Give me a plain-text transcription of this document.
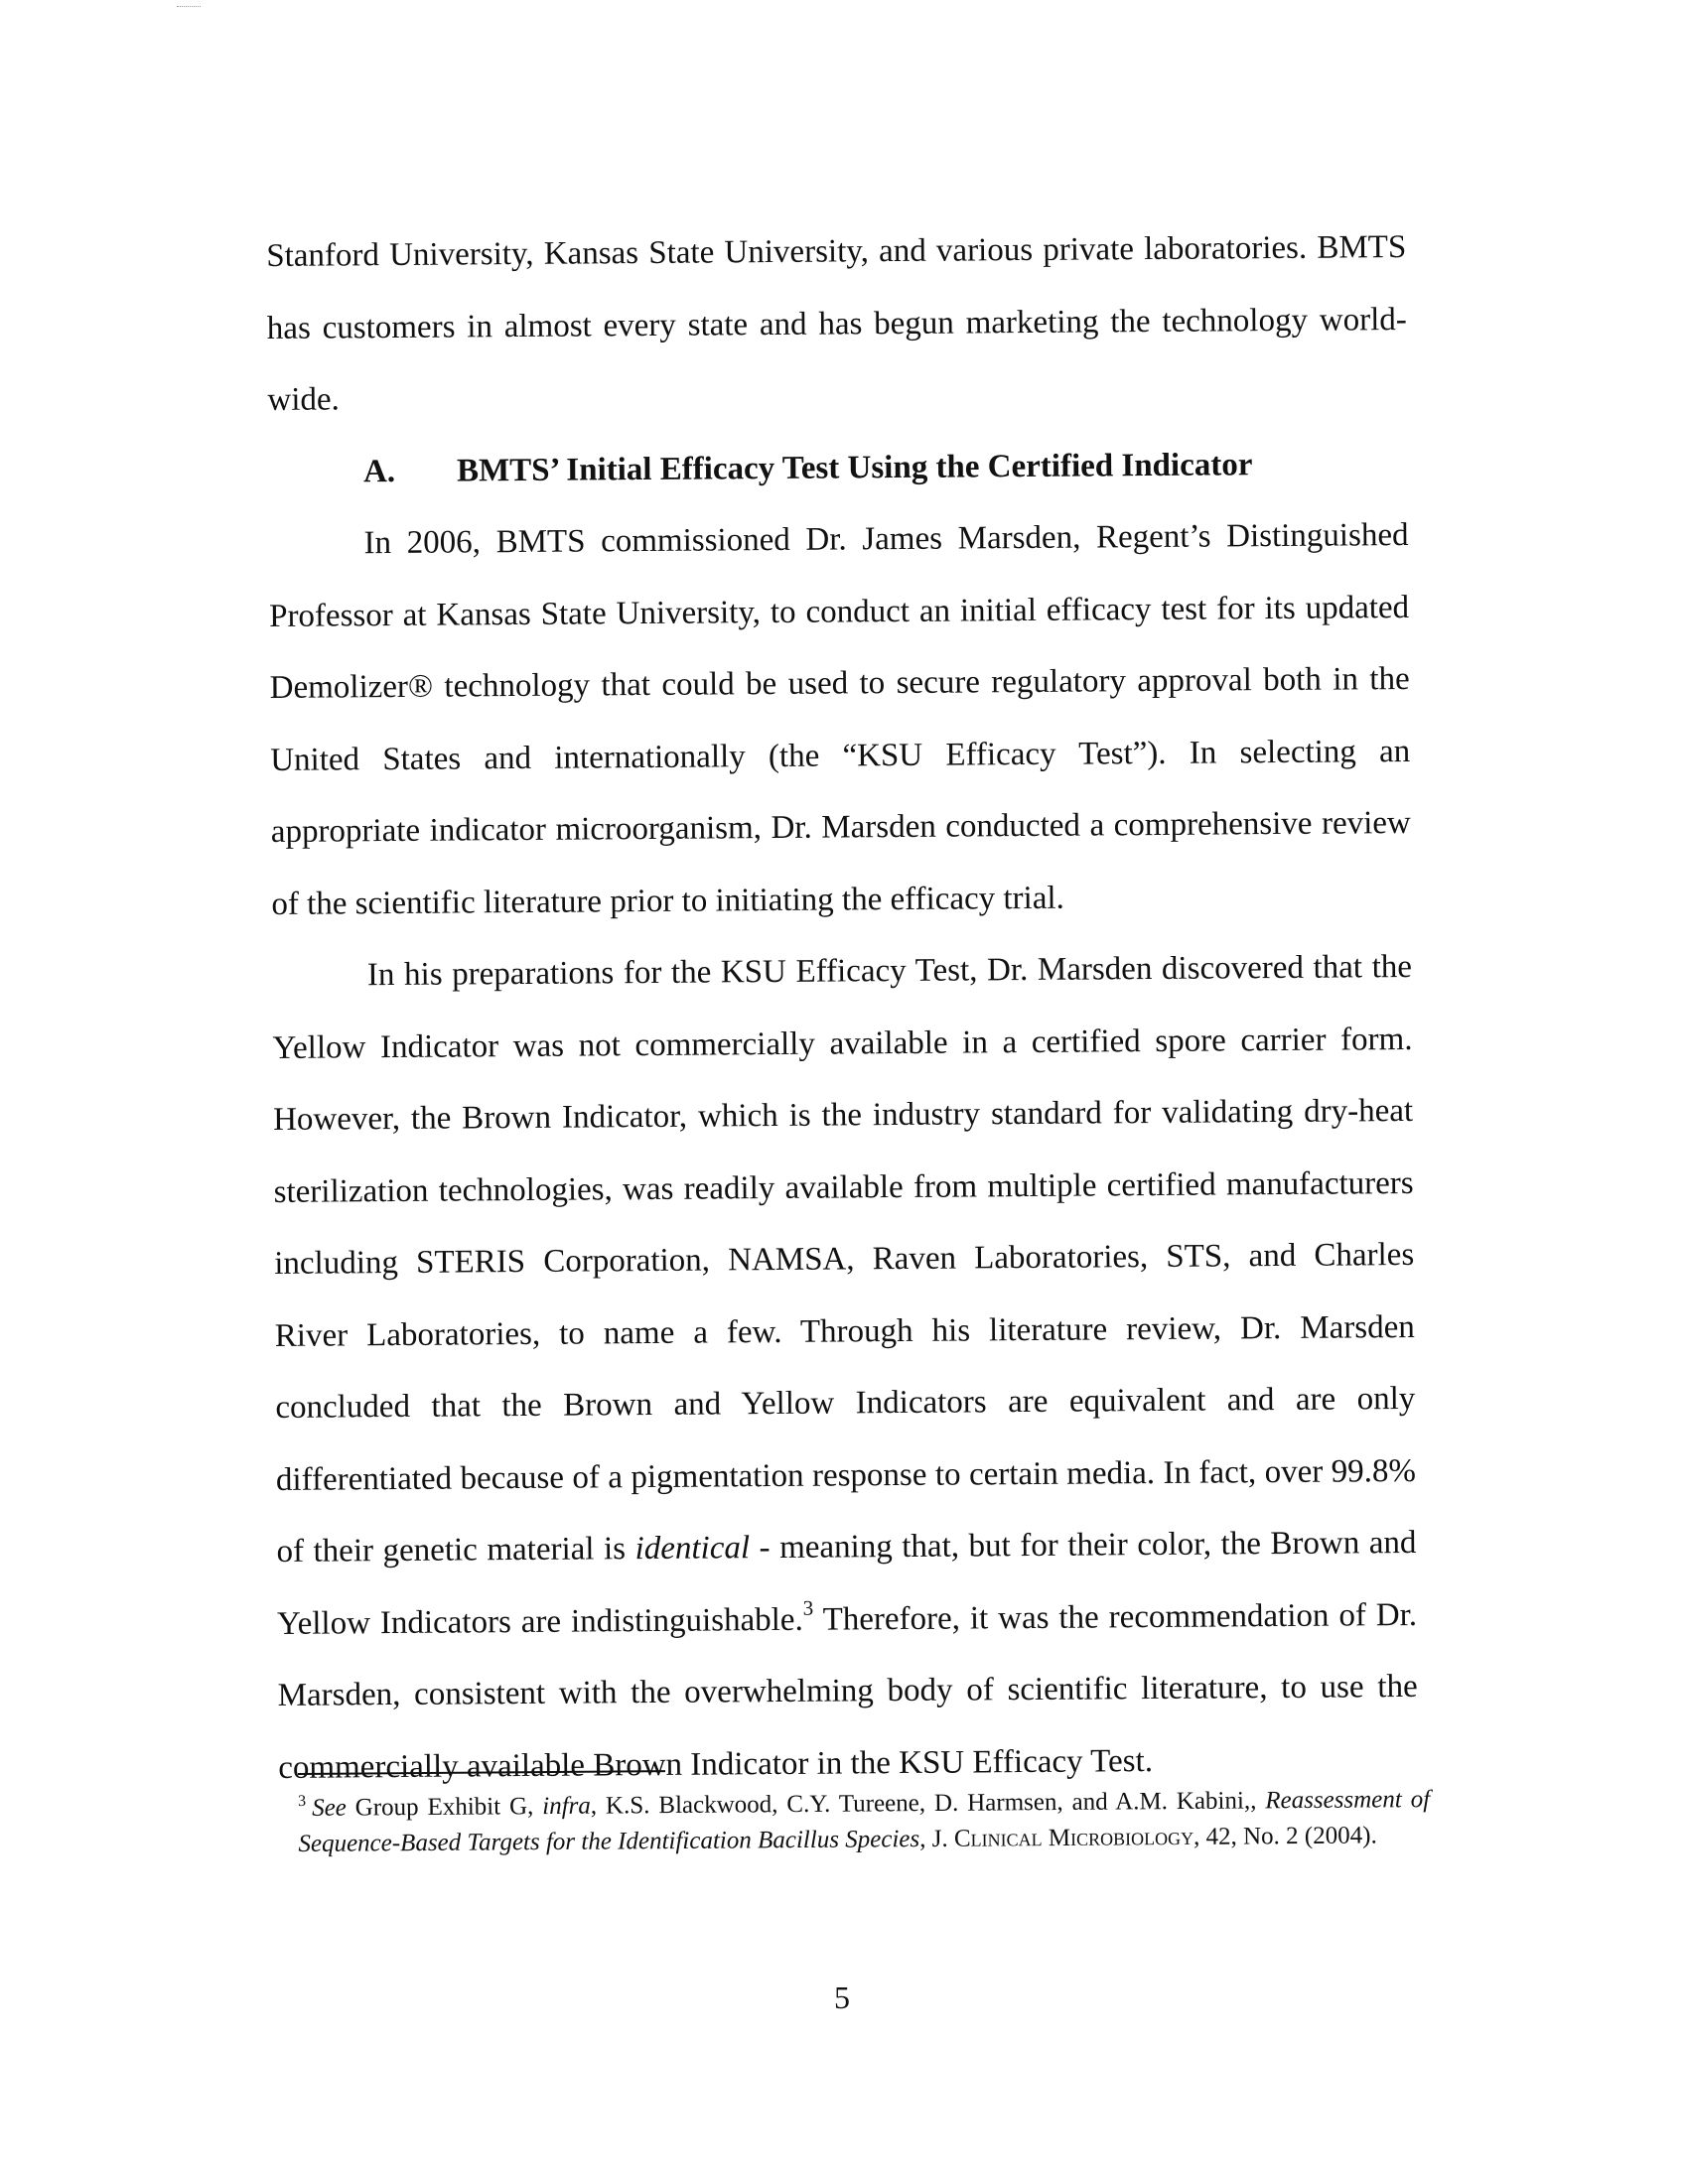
Stanford University, Kansas State University, and various private laboratories. BMTS has customers in almost every state and has begun marketing the technology world-wide.

A. BMTS’ Initial Efficacy Test Using the Certified Indicator

In 2006, BMTS commissioned Dr. James Marsden, Regent’s Distinguished Professor at Kansas State University, to conduct an initial efficacy test for its updated Demolizer® technology that could be used to secure regulatory approval both in the United States and internationally (the “KSU Efficacy Test”). In selecting an appropriate indicator microorganism, Dr. Marsden conducted a comprehensive review of the scientific literature prior to initiating the efficacy trial.

In his preparations for the KSU Efficacy Test, Dr. Marsden discovered that the Yellow Indicator was not commercially available in a certified spore carrier form. However, the Brown Indicator, which is the industry standard for validating dry-heat sterilization technologies, was readily available from multiple certified manufacturers including STERIS Corporation, NAMSA, Raven Laboratories, STS, and Charles River Laboratories, to name a few. Through his literature review, Dr. Marsden concluded that the Brown and Yellow Indicators are equivalent and are only differentiated because of a pigmentation response to certain media. In fact, over 99.8% of their genetic material is identical - meaning that, but for their color, the Brown and Yellow Indicators are indistinguishable.$^3$ Therefore, it was the recommendation of Dr. Marsden, consistent with the overwhelming body of scientific literature, to use the commercially available Brown Indicator in the KSU Efficacy Test.

$^3$ See Group Exhibit G, infra, K.S. Blackwood, C.Y. Tureene, D. Harmsen, and A.M. Kabini,, Reassessment of Sequence-Based Targets for the Identification Bacillus Species, J. Clinical Microbiology, 42, No. 2 (2004).
5
